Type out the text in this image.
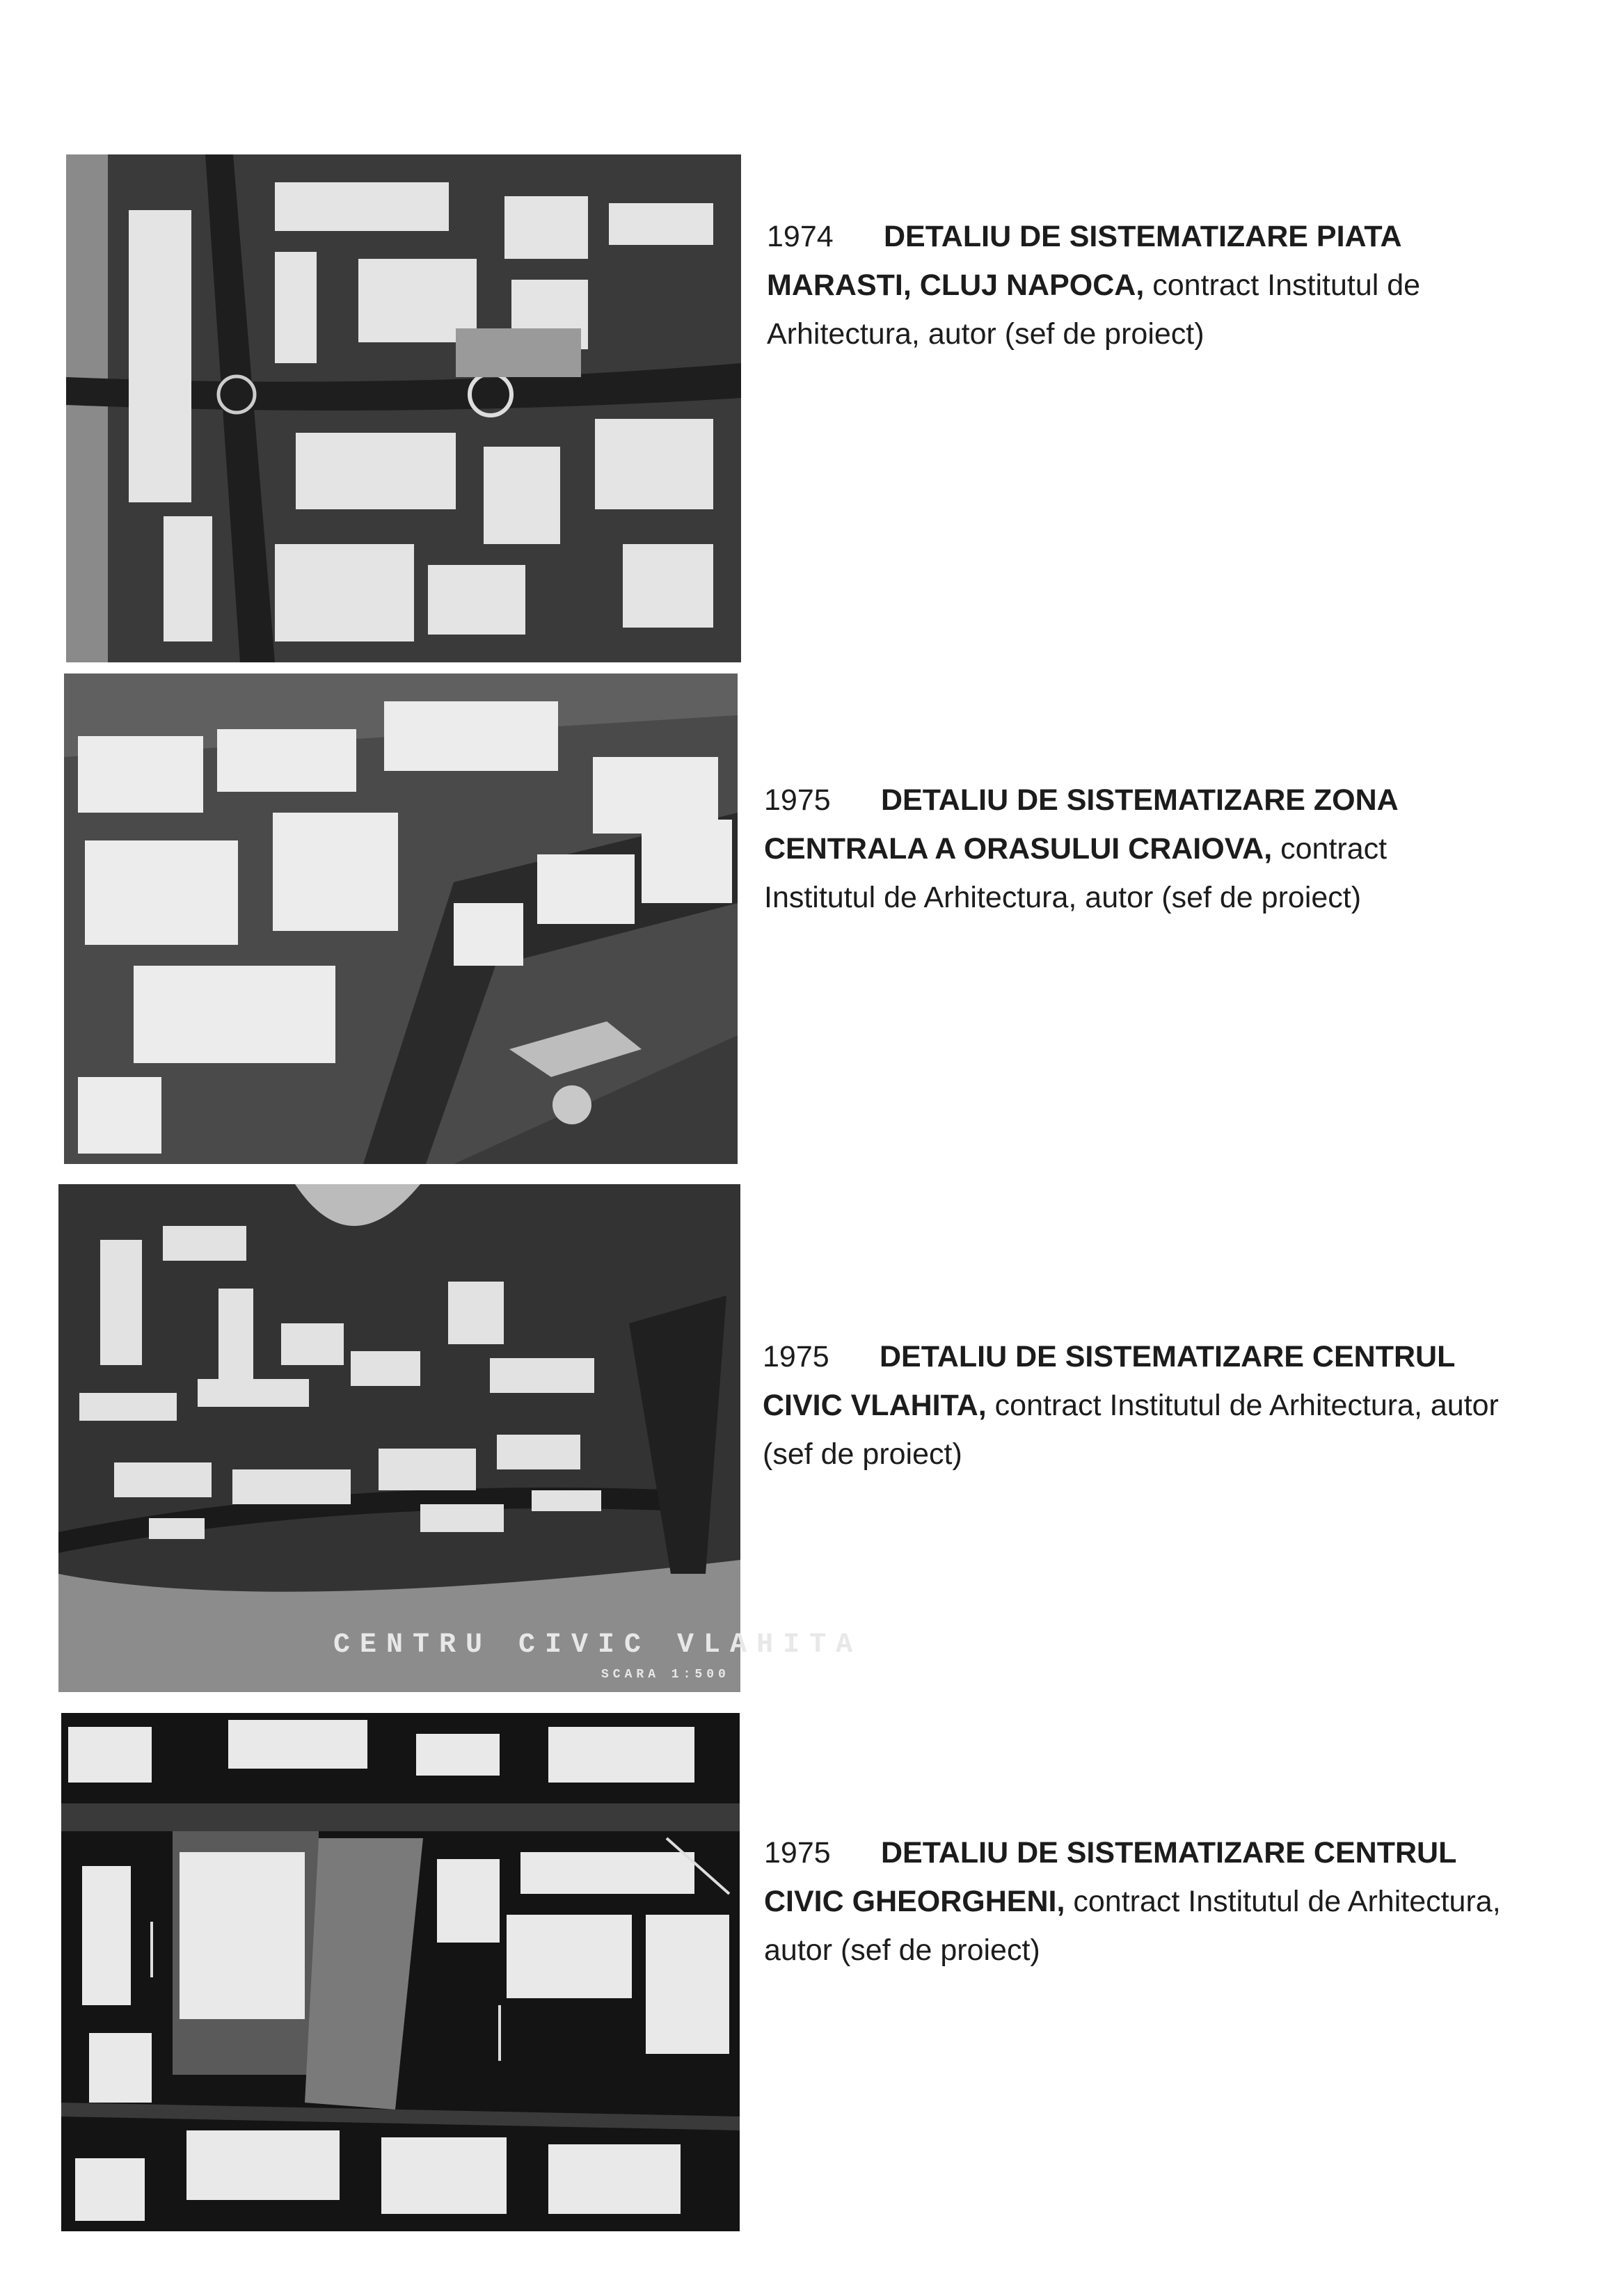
1974 DETALIU DE SISTEMATIZARE PIATA MARASTI, CLUJ NAPOCA, contract Institutul de Arhitectura, autor (sef de proiect)
1975 DETALIU DE SISTEMATIZARE ZONA CENTRALA A ORASULUI CRAIOVA, contract Institutul de Arhitectura, autor (sef de proiect)
CENTRU CIVIC VLAHITA
SCARA 1:500
1975 DETALIU DE SISTEMATIZARE CENTRUL CIVIC VLAHITA, contract Institutul de Arhitectura, autor (sef de proiect)
1975 DETALIU DE SISTEMATIZARE CENTRUL CIVIC GHEORGHENI, contract Institutul de Arhitectura, autor (sef de proiect)
